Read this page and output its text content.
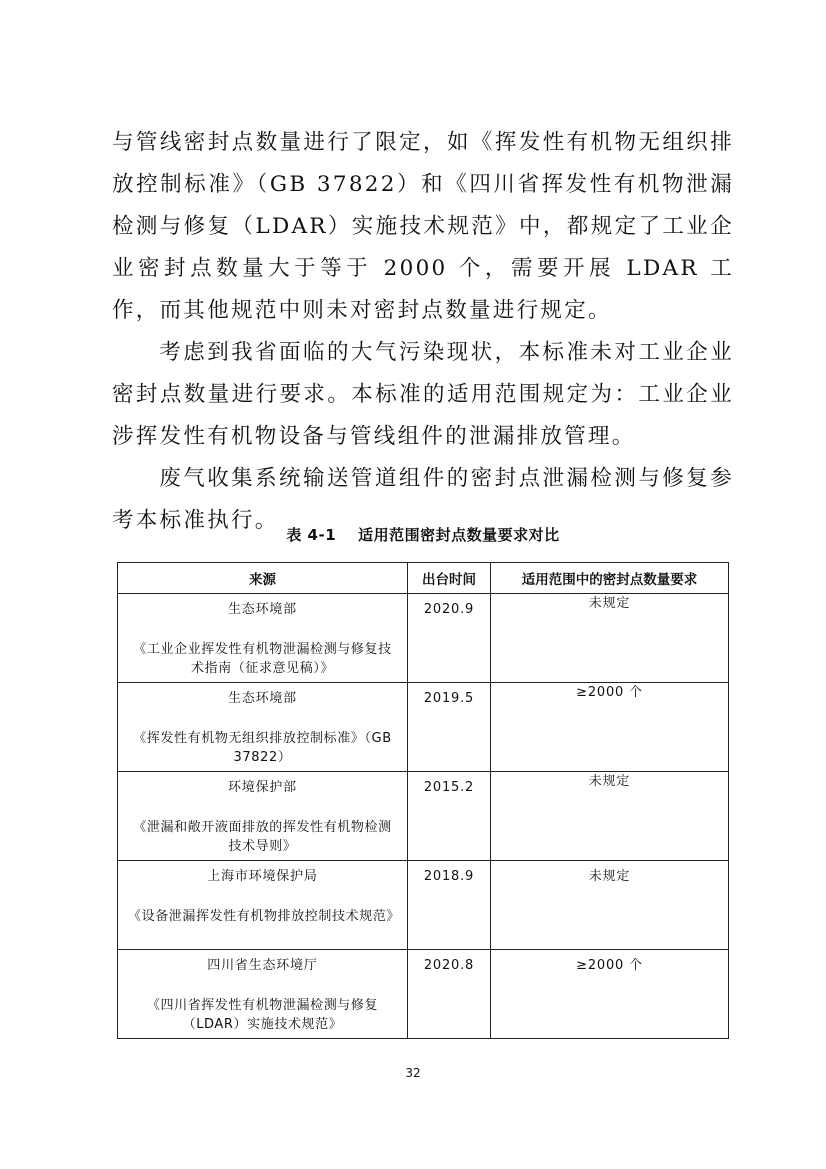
与管线密封点数量进行了限定，如《挥发性有机物无组织排放控制标准》（GB 37822）和《四川省挥发性有机物泄漏检测与修复（LDAR）实施技术规范》中，都规定了工业企业密封点数量大于等于 2000 个，需要开展 LDAR 工作，而其他规范中则未对密封点数量进行规定。

考虑到我省面临的大气污染现状，本标准未对工业企业密封点数量进行要求。本标准的适用范围规定为：工业企业涉挥发性有机物设备与管线组件的泄漏排放管理。

废气收集系统输送管道组件的密封点泄漏检测与修复参考本标准执行。

表 4-1 适用范围密封点数量要求对比
来源	出台时间	适用范围中的密封点数量要求

生态环境部
《工业企业挥发性有机物泄漏检测与修复技术指南（征求意见稿）》	2020.9	未规定

生态环境部
《挥发性有机物无组织排放控制标准》（GB 37822）	2019.5	≥2000 个

环境保护部
《泄漏和敞开液面排放的挥发性有机物检测技术导则》	2015.2	未规定

上海市环境保护局
《设备泄漏挥发性有机物排放控制技术规范》	2018.9	未规定

四川省生态环境厅
《四川省挥发性有机物泄漏检测与修复（LDAR）实施技术规范》	2020.8	≥2000 个
32
